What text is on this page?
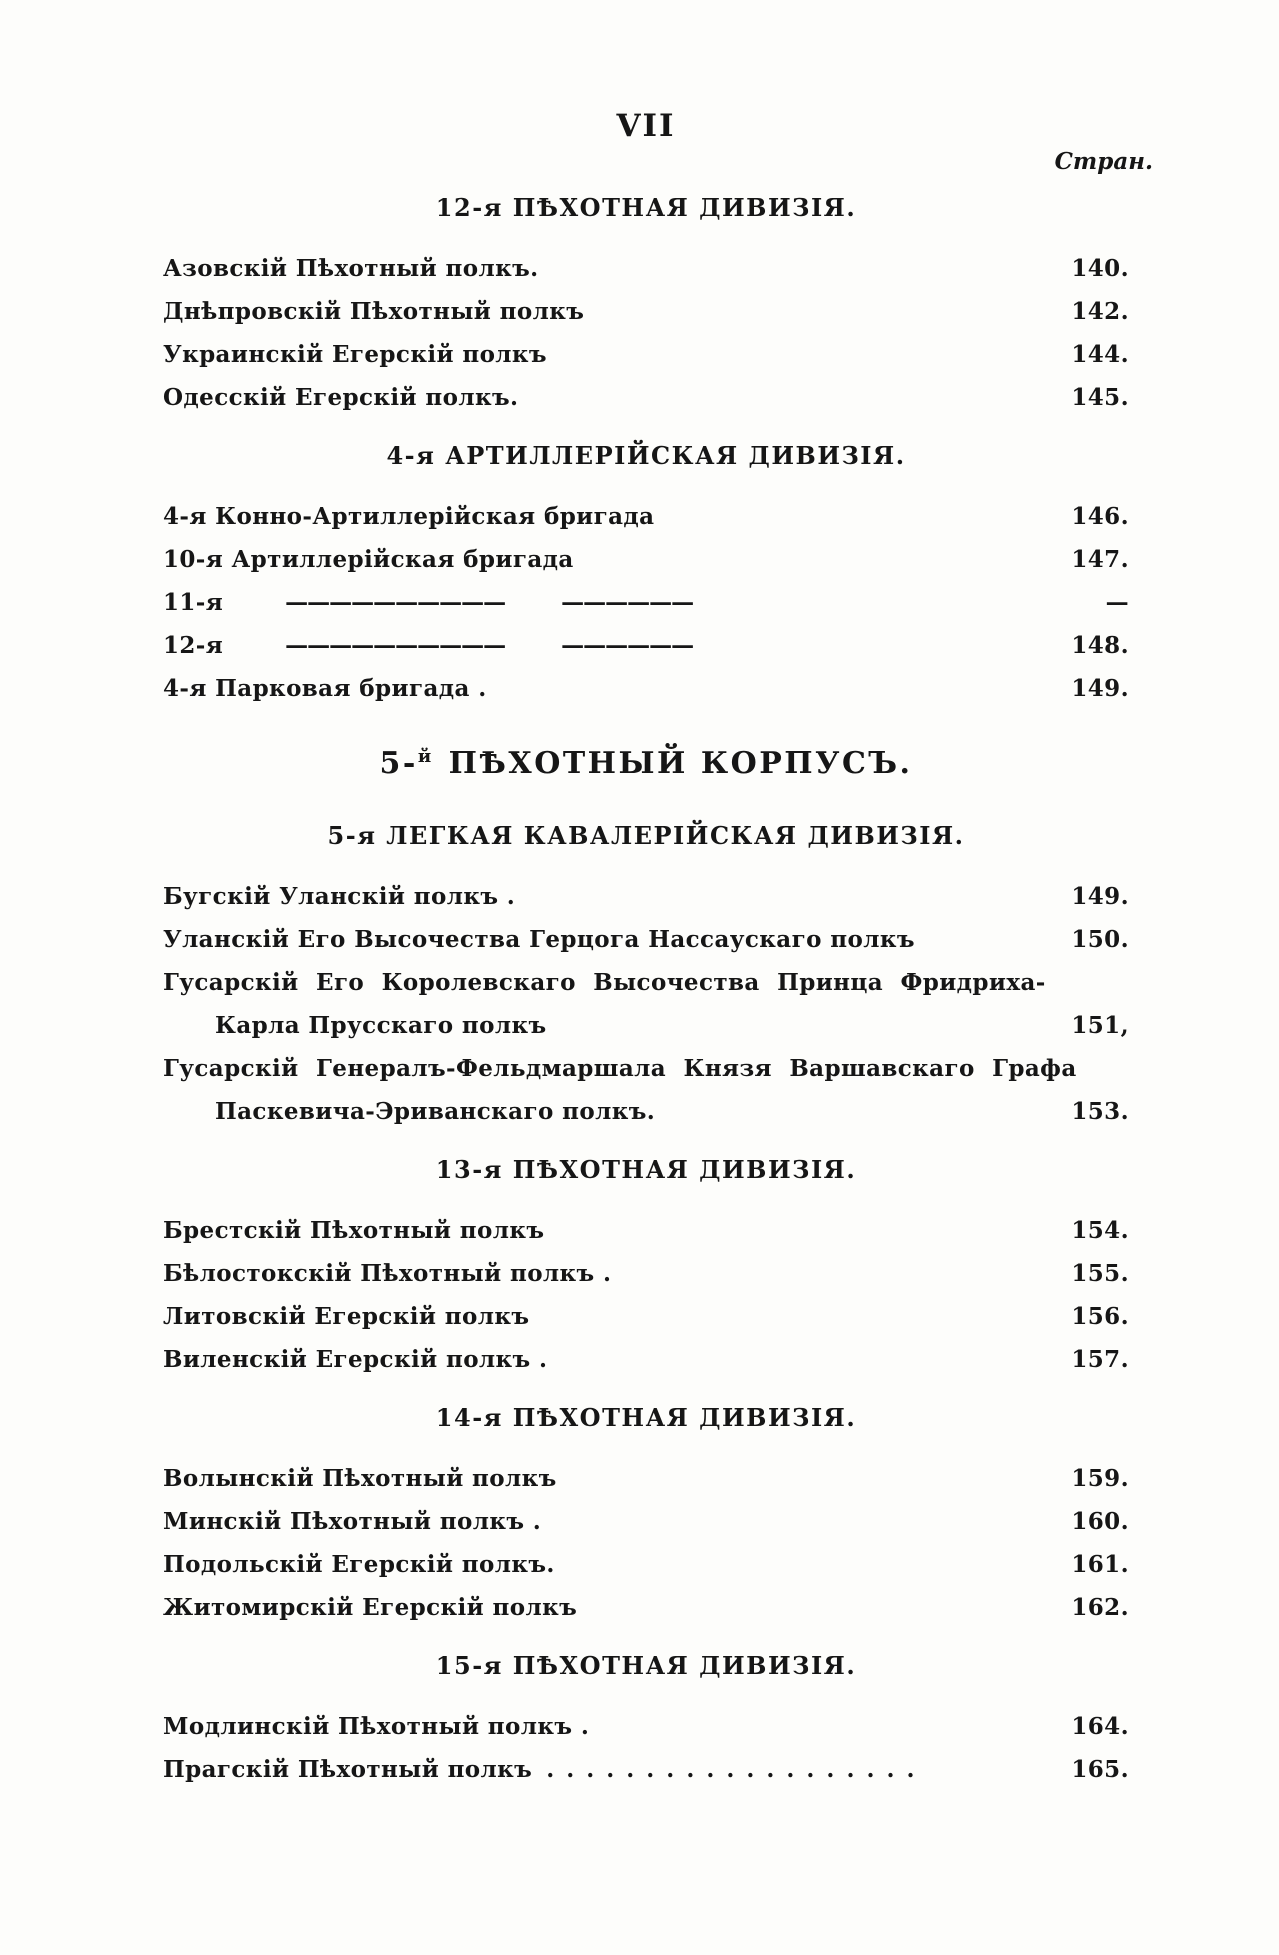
VII
Стран.
12-я ПѢХОТНАЯ ДИВИЗІЯ.
Азовскій Пѣхотный полкъ.	140.
Днѣпровскій Пѣхотный полкъ	142.
Украинскій Егерскій полкъ	144.
Одесскій Егерскій полкъ.	145.
4-я АРТИЛЛЕРІЙСКАЯ ДИВИЗІЯ.
4-я Конно-Артиллерійская бригада	146.
10-я Артиллерійская бригада	147.
11-я	—————————— ——————	—
12-я	—————————— ——————	148.
4-я Парковая бригада .	149.
5-$^й$  ПѢХОТНЫЙ КОРПУСЪ.
5-я ЛЕГКАЯ КАВАЛЕРІЙСКАЯ ДИВИЗІЯ.
Бугскій Уланскій полкъ .	149.
Уланскій Его Высочества Герцога Нассаускаго полкъ	150.
Гусарскій Его Королевскаго Высочества Принца Фридриха-
Карла Прусскаго полкъ	151,
Гусарскій Генералъ-Фельдмаршала Князя Варшавскаго Графа
Паскевича-Эриванскаго полкъ.	153.
13-я ПѢХОТНАЯ ДИВИЗІЯ.
Брестскій Пѣхотный полкъ	154.
Бѣлостокскій Пѣхотный полкъ .	155.
Литовскій Егерскій полкъ	156.
Виленскій Егерскій полкъ .	157.
14-я ПѢХОТНАЯ ДИВИЗІЯ.
Волынскій Пѣхотный полкъ	159.
Минскій Пѣхотный полкъ .	160.
Подольскій Егерскій полкъ.	161.
Житомирскій Егерскій полкъ	162.
15-я ПѢХОТНАЯ ДИВИЗІЯ.
Модлинскій Пѣхотный полкъ .	164.
Прагскій Пѣхотный полкъ . . . . . . . . . . . . . . . . . . .	165.
